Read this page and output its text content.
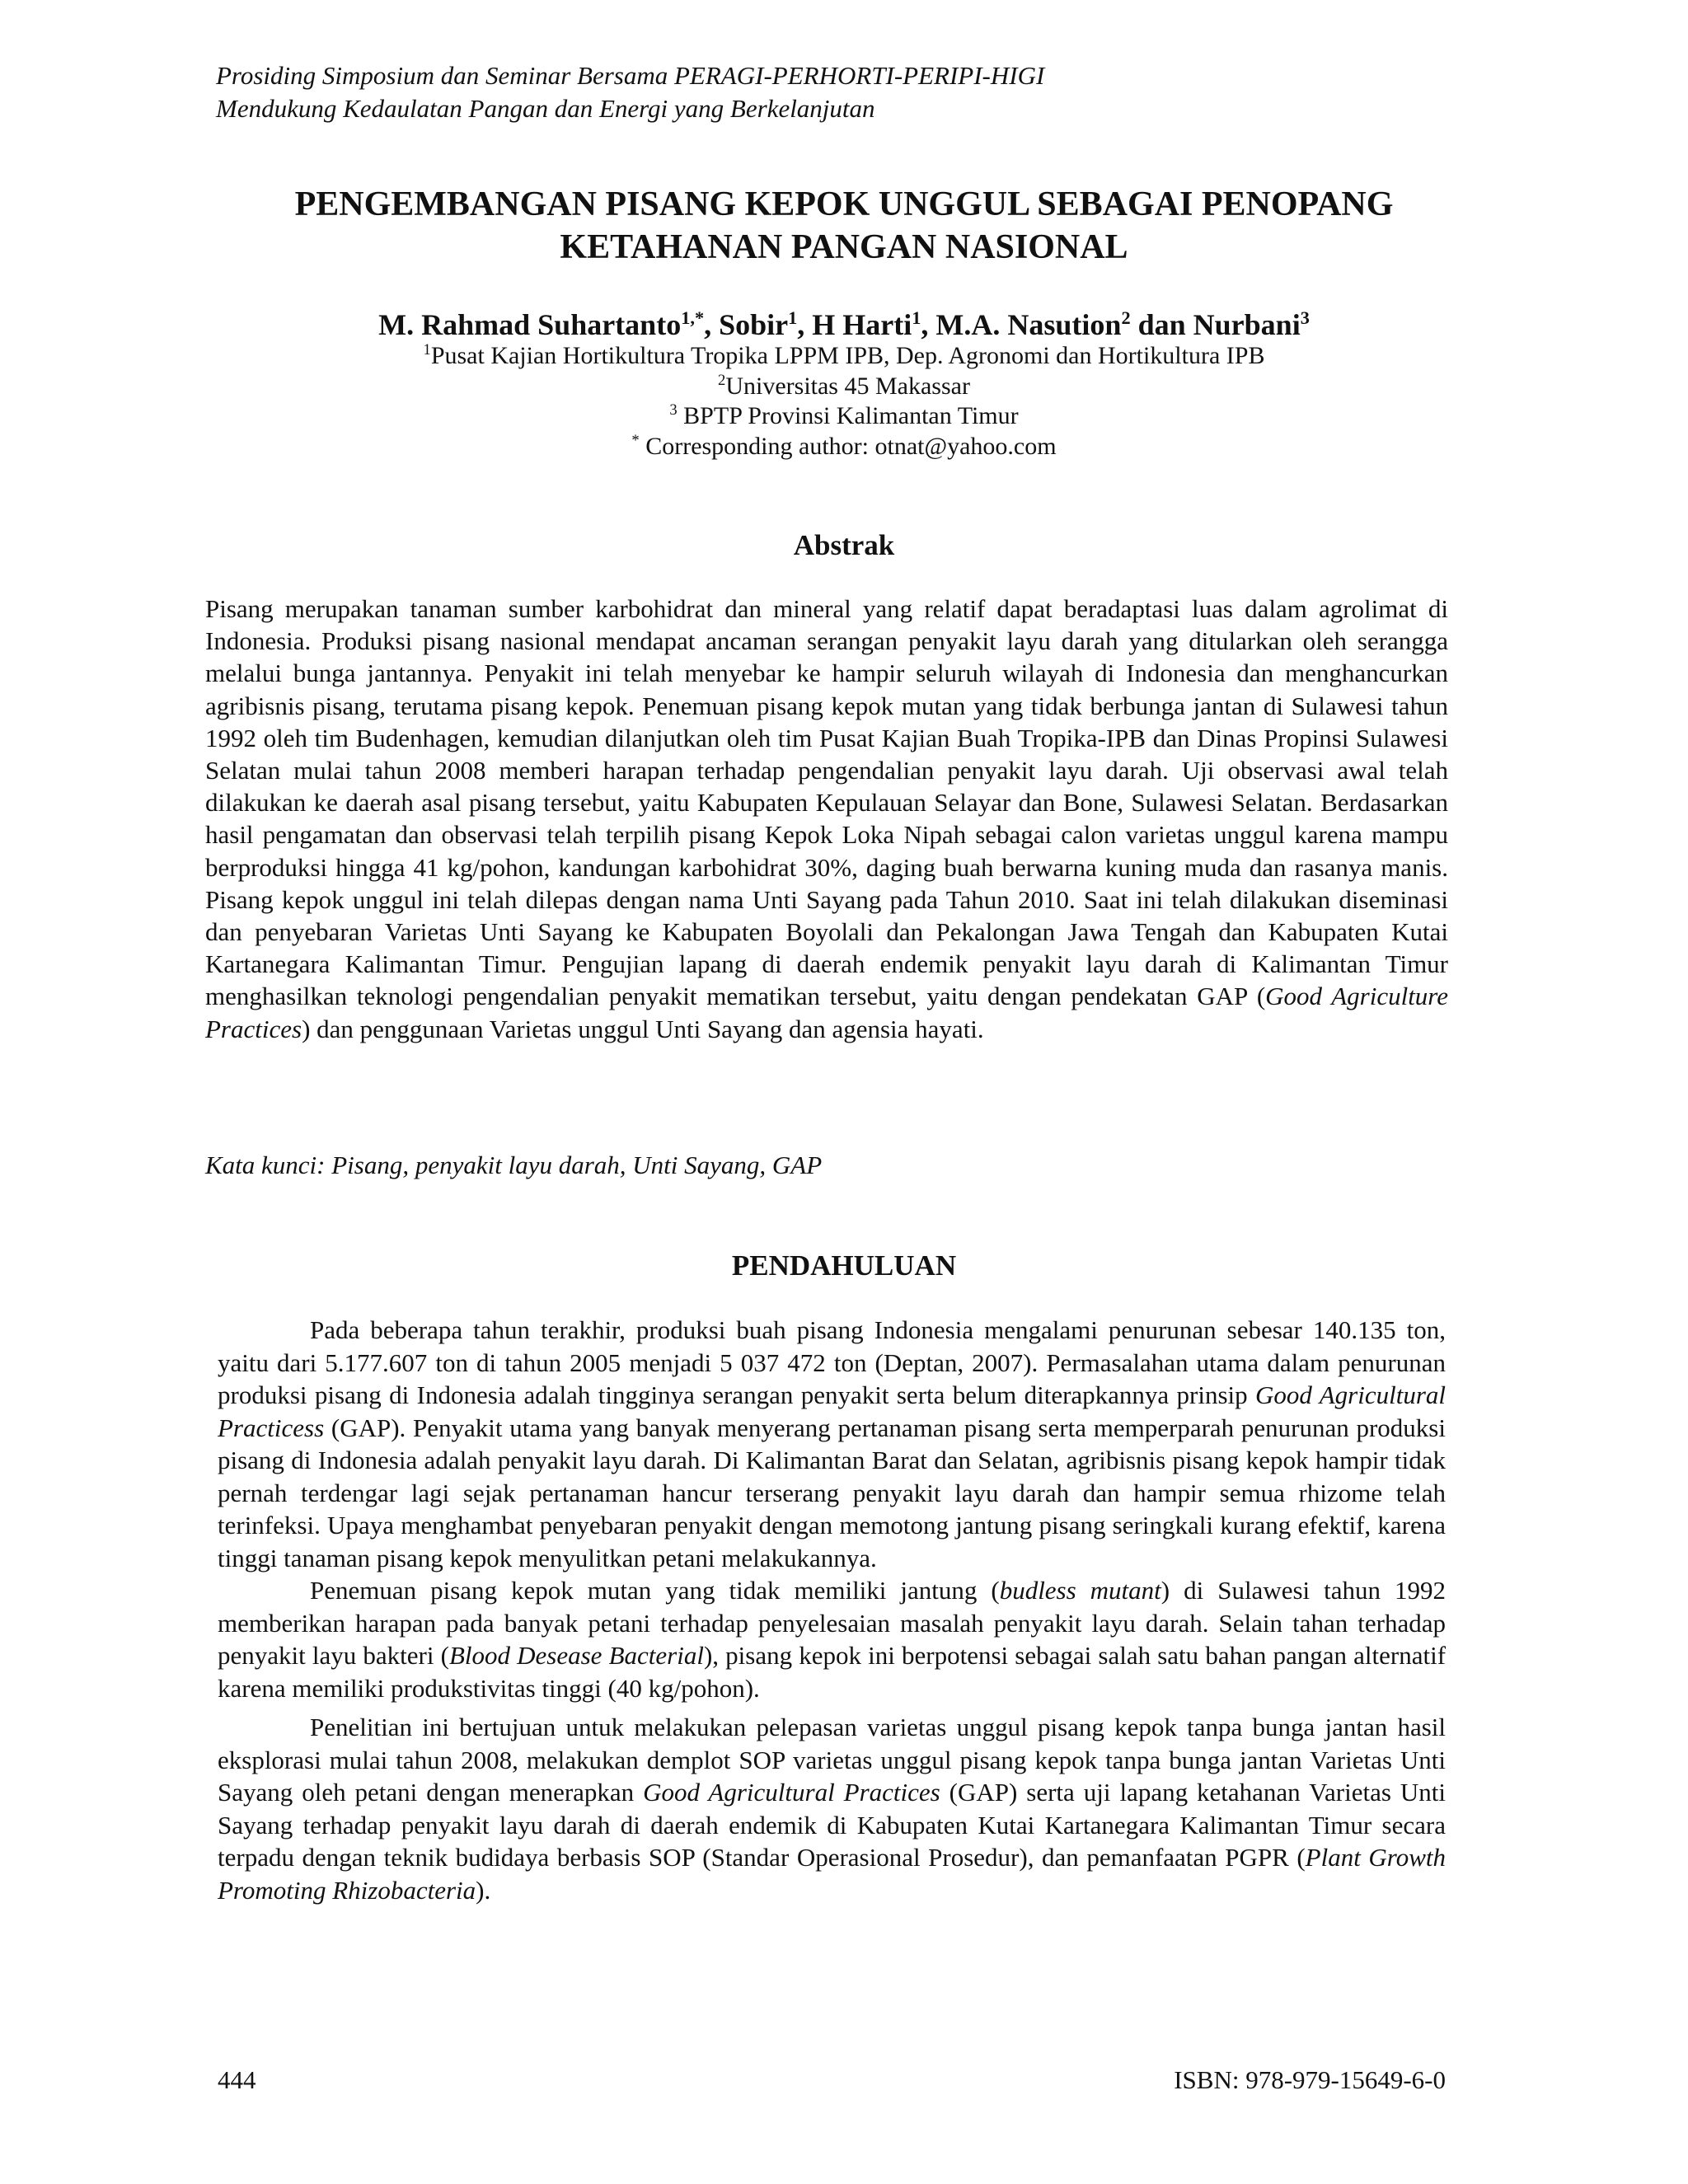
Prosiding Simposium dan Seminar Bersama PERAGI-PERHORTI-PERIPI-HIGI
Mendukung Kedaulatan Pangan dan Energi yang Berkelanjutan
PENGEMBANGAN PISANG KEPOK UNGGUL SEBAGAI PENOPANG
KETAHANAN PANGAN NASIONAL
M. Rahmad Suhartanto$^{1,*}$, Sobir$^1$, H Harti$^1$, M.A. Nasution$^2$ dan Nurbani$^3$
$^1$Pusat Kajian Hortikultura Tropika LPPM IPB, Dep. Agronomi dan Hortikultura IPB
$^2$Universitas 45 Makassar
$^3$ BPTP Provinsi Kalimantan Timur
* Corresponding author: otnat@yahoo.com
Abstrak
Pisang merupakan tanaman sumber karbohidrat dan mineral yang relatif dapat beradaptasi luas dalam agrolimat di Indonesia. Produksi pisang nasional mendapat ancaman serangan penyakit layu darah yang ditularkan oleh serangga melalui bunga jantannya. Penyakit ini telah menyebar ke hampir seluruh wilayah di Indonesia dan menghancurkan agribisnis pisang, terutama pisang kepok. Penemuan pisang kepok mutan yang tidak berbunga jantan di Sulawesi tahun 1992 oleh tim Budenhagen, kemudian dilanjutkan oleh tim Pusat Kajian Buah Tropika-IPB dan Dinas Propinsi Sulawesi Selatan mulai tahun 2008 memberi harapan terhadap pengendalian penyakit layu darah. Uji observasi awal telah dilakukan ke daerah asal pisang tersebut, yaitu Kabupaten Kepulauan Selayar dan Bone, Sulawesi Selatan. Berdasarkan hasil pengamatan dan observasi telah terpilih pisang Kepok Loka Nipah sebagai calon varietas unggul karena mampu berproduksi hingga 41 kg/pohon, kandungan karbohidrat 30%, daging buah berwarna kuning muda dan rasanya manis. Pisang kepok unggul ini telah dilepas dengan nama Unti Sayang pada Tahun 2010. Saat ini telah dilakukan diseminasi dan penyebaran Varietas Unti Sayang ke Kabupaten Boyolali dan Pekalongan Jawa Tengah dan Kabupaten Kutai Kartanegara Kalimantan Timur. Pengujian lapang di daerah endemik penyakit layu darah di Kalimantan Timur menghasilkan teknologi pengendalian penyakit mematikan tersebut, yaitu dengan pendekatan GAP (Good Agriculture Practices) dan penggunaan Varietas unggul Unti Sayang dan agensia hayati.
Kata kunci: Pisang, penyakit layu darah, Unti Sayang, GAP
PENDAHULUAN

Pada beberapa tahun terakhir, produksi buah pisang Indonesia mengalami penurunan sebesar 140.135 ton, yaitu dari 5.177.607 ton di tahun 2005 menjadi 5 037 472 ton (Deptan, 2007). Permasalahan utama dalam penurunan produksi pisang di Indonesia adalah tingginya serangan penyakit serta belum diterapkannya prinsip Good Agricultural Practicess (GAP). Penyakit utama yang banyak menyerang pertanaman pisang serta memperparah penurunan produksi pisang di Indonesia adalah penyakit layu darah. Di Kalimantan Barat dan Selatan, agribisnis pisang kepok hampir tidak pernah terdengar lagi sejak pertanaman hancur terserang penyakit layu darah dan hampir semua rhizome telah terinfeksi. Upaya menghambat penyebaran penyakit dengan memotong jantung pisang seringkali kurang efektif, karena tinggi tanaman pisang kepok menyulitkan petani melakukannya.

Penemuan pisang kepok mutan yang tidak memiliki jantung (budless mutant) di Sulawesi tahun 1992 memberikan harapan pada banyak petani terhadap penyelesaian masalah penyakit layu darah. Selain tahan terhadap penyakit layu bakteri (Blood Desease Bacterial), pisang kepok ini berpotensi sebagai salah satu bahan pangan alternatif karena memiliki produkstivitas tinggi (40 kg/pohon).

Penelitian ini bertujuan untuk melakukan pelepasan varietas unggul pisang kepok tanpa bunga jantan hasil eksplorasi mulai tahun 2008, melakukan demplot SOP varietas unggul pisang kepok tanpa bunga jantan Varietas Unti Sayang oleh petani dengan menerapkan Good Agricultural Practices (GAP) serta uji lapang ketahanan Varietas Unti Sayang terhadap penyakit layu darah di daerah endemik di Kabupaten Kutai Kartanegara Kalimantan Timur secara terpadu dengan teknik budidaya berbasis SOP (Standar Operasional Prosedur), dan pemanfaatan PGPR (Plant Growth Promoting Rhizobacteria).

444	ISBN: 978-979-15649-6-0
